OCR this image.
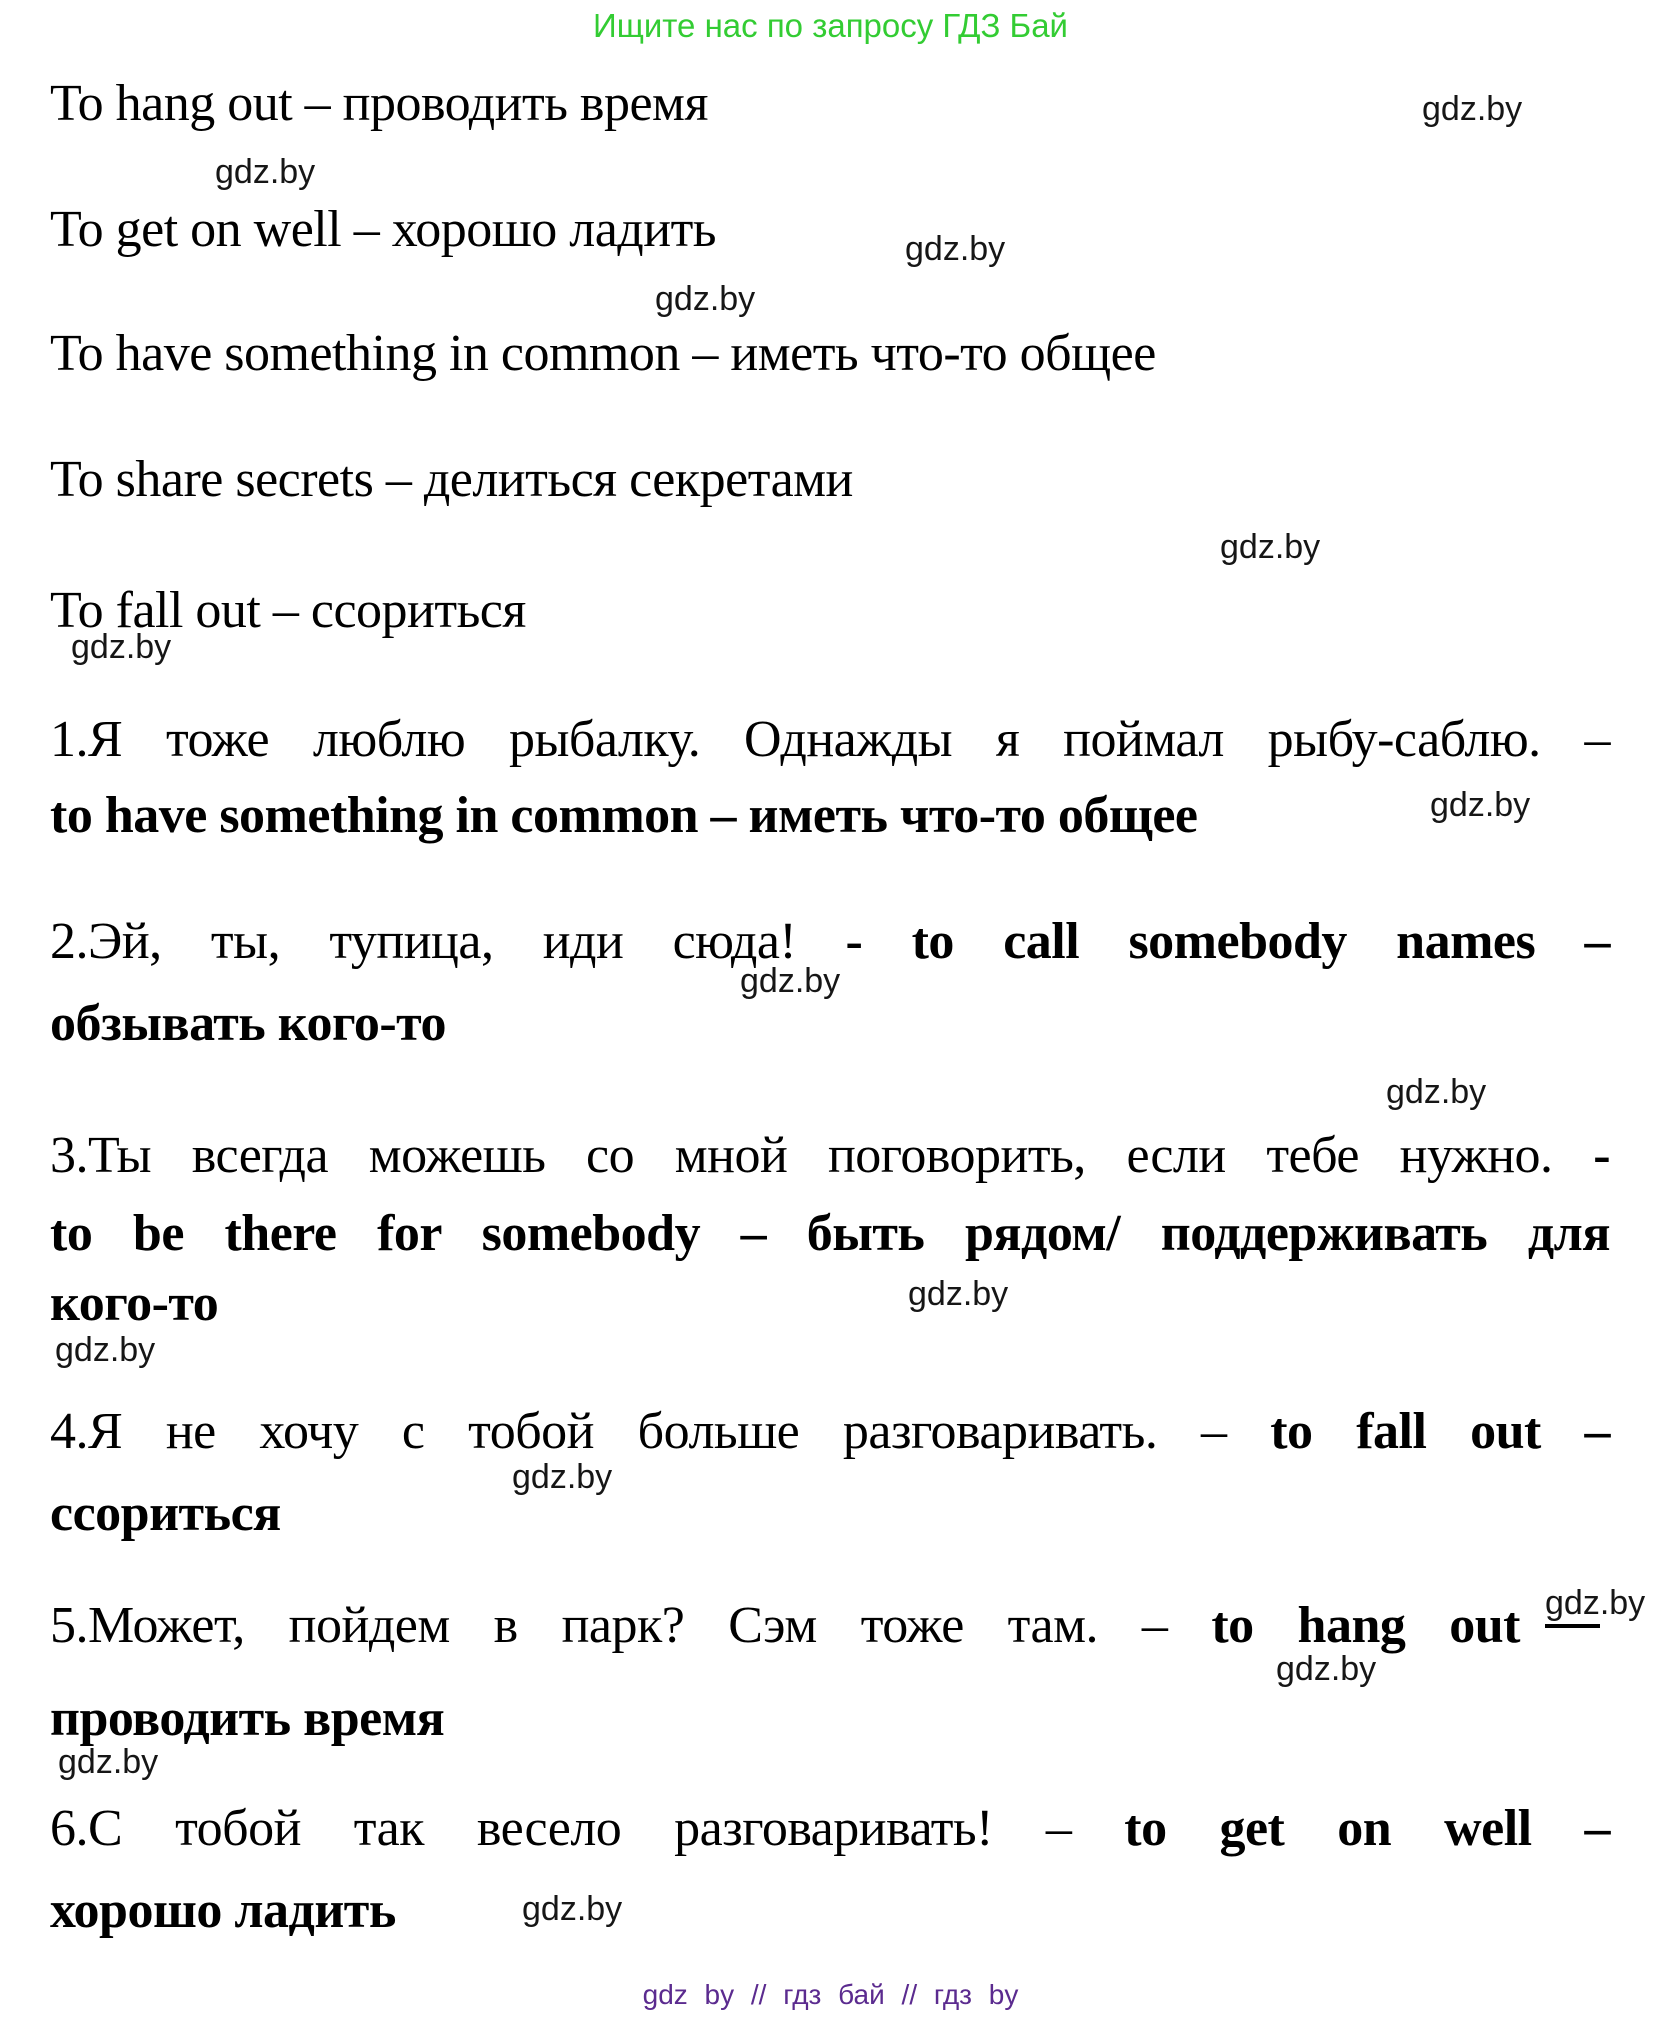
Ищите нас по запросу ГДЗ Бай
To hang out – проводить время
To get on well – хорошо ладить
To have something in common – иметь что-то общее
To share secrets – делиться секретами
To fall out – ссориться
1.Я тоже люблю рыбалку. Однажды я поймал рыбу-саблю. –
to have something in common – иметь что-то общее
2.Эй, ты, тупица, иди сюда! - to call somebody names –
обзывать кого-то
3.Ты всегда можешь со мной поговорить, если тебе нужно. -
to be there for somebody – быть рядом/ поддерживать для
кого-то
4.Я не хочу с тобой больше разговаривать. – to fall out –
ссориться
5.Может, пойдем в парк? Сэм тоже там. – to hang out
проводить время
6.С тобой так весело разговаривать! – to get on well –
хорошо ладить
gdz.by
gdz.by
gdz.by
gdz.by
gdz.by
gdz.by
gdz.by
gdz.by
gdz.by
gdz.by
gdz.by
gdz.by
gdz.by
gdz.by
gdz.by
gdz.by
gdz by // гдз бай // гдз by
